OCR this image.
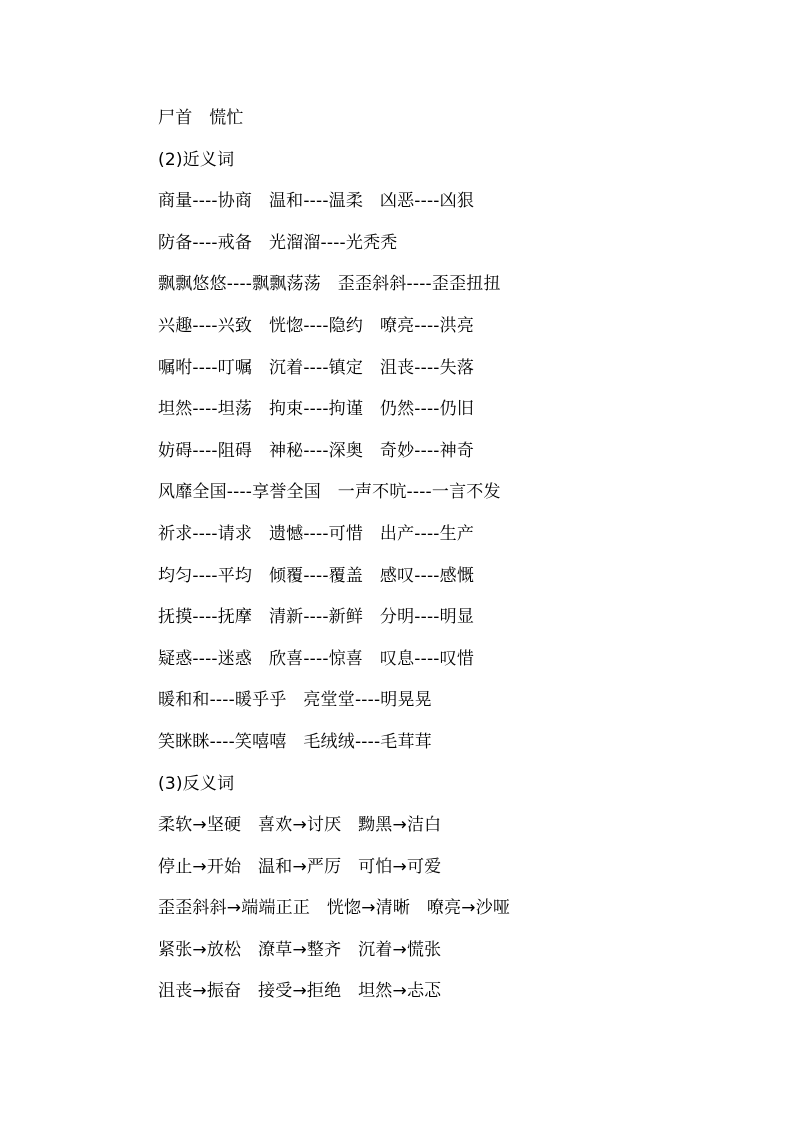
尸首   慌忙
(2)近义词
商量----协商   温和----温柔   凶恶----凶狠
防备----戒备   光溜溜----光秃秃
飘飘悠悠----飘飘荡荡   歪歪斜斜----歪歪扭扭
兴趣----兴致   恍惚----隐约   嘹亮----洪亮
嘱咐----叮嘱   沉着----镇定   沮丧----失落
坦然----坦荡   拘束----拘谨   仍然----仍旧
妨碍----阻碍   神秘----深奥   奇妙----神奇
风靡全国----享誉全国   一声不吭----一言不发
祈求----请求   遗憾----可惜   出产----生产
均匀----平均   倾覆----覆盖   感叹----感慨
抚摸----抚摩   清新----新鲜   分明----明显
疑惑----迷惑   欣喜----惊喜   叹息----叹惜
暖和和----暖乎乎   亮堂堂----明晃晃
笑眯眯----笑嘻嘻   毛绒绒----毛茸茸
(3)反义词
柔软→坚硬   喜欢→讨厌   黝黑→洁白
停止→开始   温和→严厉   可怕→可爱
歪歪斜斜→端端正正   恍惚→清晰   嘹亮→沙哑
紧张→放松   潦草→整齐   沉着→慌张
沮丧→振奋   接受→拒绝   坦然→忐忑
